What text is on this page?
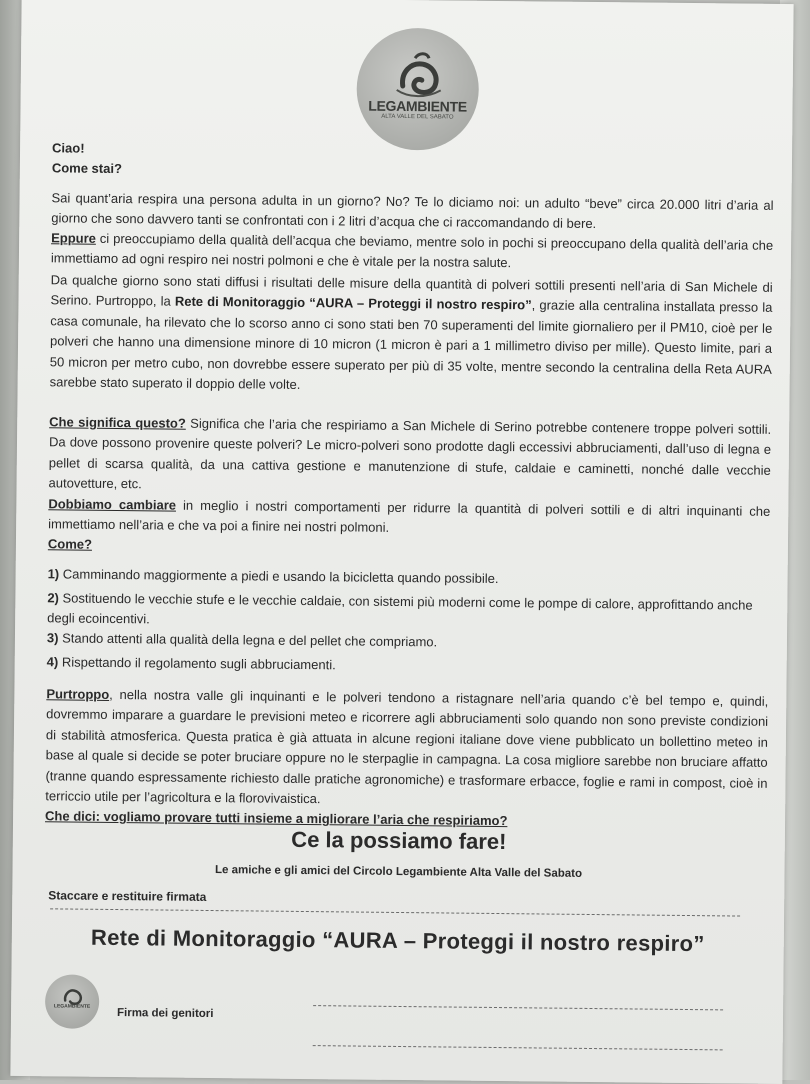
LEGAMBIENTE
ALTA VALLE DEL SABATO
Ciao!
Come stai?
Sai quant’aria respira una persona adulta in un giorno? No? Te lo diciamo noi: un adulto “beve” circa 20.000 litri d’aria al giorno che sono davvero tanti se confrontati con i 2 litri d’acqua che ci raccomandando di bere.
Eppure ci preoccupiamo della qualità dell’acqua che beviamo, mentre solo in pochi si preoccupano della qualità dell’aria che immettiamo ad ogni respiro nei nostri polmoni e che è vitale per la nostra salute.
Da qualche giorno sono stati diffusi i risultati delle misure della quantità di polveri sottili presenti nell’aria di San Michele di Serino. Purtroppo, la Rete di Monitoraggio “AURA – Proteggi il nostro respiro”, grazie alla centralina installata presso la casa comunale, ha rilevato che lo scorso anno ci sono stati ben 70 superamenti del limite giornaliero per il PM10, cioè per le polveri che hanno una dimensione minore di 10 micron (1 micron è pari a 1 millimetro diviso per mille). Questo limite, pari a 50 micron per metro cubo, non dovrebbe essere superato per più di 35 volte, mentre secondo la centralina della Reta AURA sarebbe stato superato il doppio delle volte.
Che significa questo? Significa che l’aria che respiriamo a San Michele di Serino potrebbe contenere troppe polveri sottili. Da dove possono provenire queste polveri? Le micro-polveri sono prodotte dagli eccessivi abbruciamenti, dall’uso di legna e pellet di scarsa qualità, da una cattiva gestione e manutenzione di stufe, caldaie e caminetti, nonché dalle vecchie autovetture, etc.
Dobbiamo cambiare in meglio i nostri comportamenti per ridurre la quantità di polveri sottili e di altri inquinanti che immettiamo nell’aria e che va poi a finire nei nostri polmoni.
Come?
1) Camminando maggiormente a piedi e usando la bicicletta quando possibile.
2) Sostituendo le vecchie stufe e le vecchie caldaie, con sistemi più moderni come le pompe di calore, approfittando anche degli ecoincentivi.
3) Stando attenti alla qualità della legna e del pellet che compriamo.
4) Rispettando il regolamento sugli abbruciamenti.
Purtroppo, nella nostra valle gli inquinanti e le polveri tendono a ristagnare nell’aria quando c’è bel tempo e, quindi, dovremmo imparare a guardare le previsioni meteo e ricorrere agli abbruciamenti solo quando non sono previste condizioni di stabilità atmosferica. Questa pratica è già attuata in alcune regioni italiane dove viene pubblicato un bollettino meteo in base al quale si decide se poter bruciare oppure no le sterpaglie in campagna. La cosa migliore sarebbe non bruciare affatto (tranne quando espressamente richiesto dalle pratiche agronomiche) e trasformare erbacce, foglie e rami in compost, cioè in terriccio utile per l’agricoltura e la florovivaistica.
Che dici: vogliamo provare tutti insieme a migliorare l’aria che respiriamo?
Ce la possiamo fare!
Le amiche e gli amici del Circolo Legambiente Alta Valle del Sabato
Staccare e restituire firmata
Rete di Monitoraggio “AURA – Proteggi il nostro respiro”
LEGAMBIENTE
Firma dei genitori
